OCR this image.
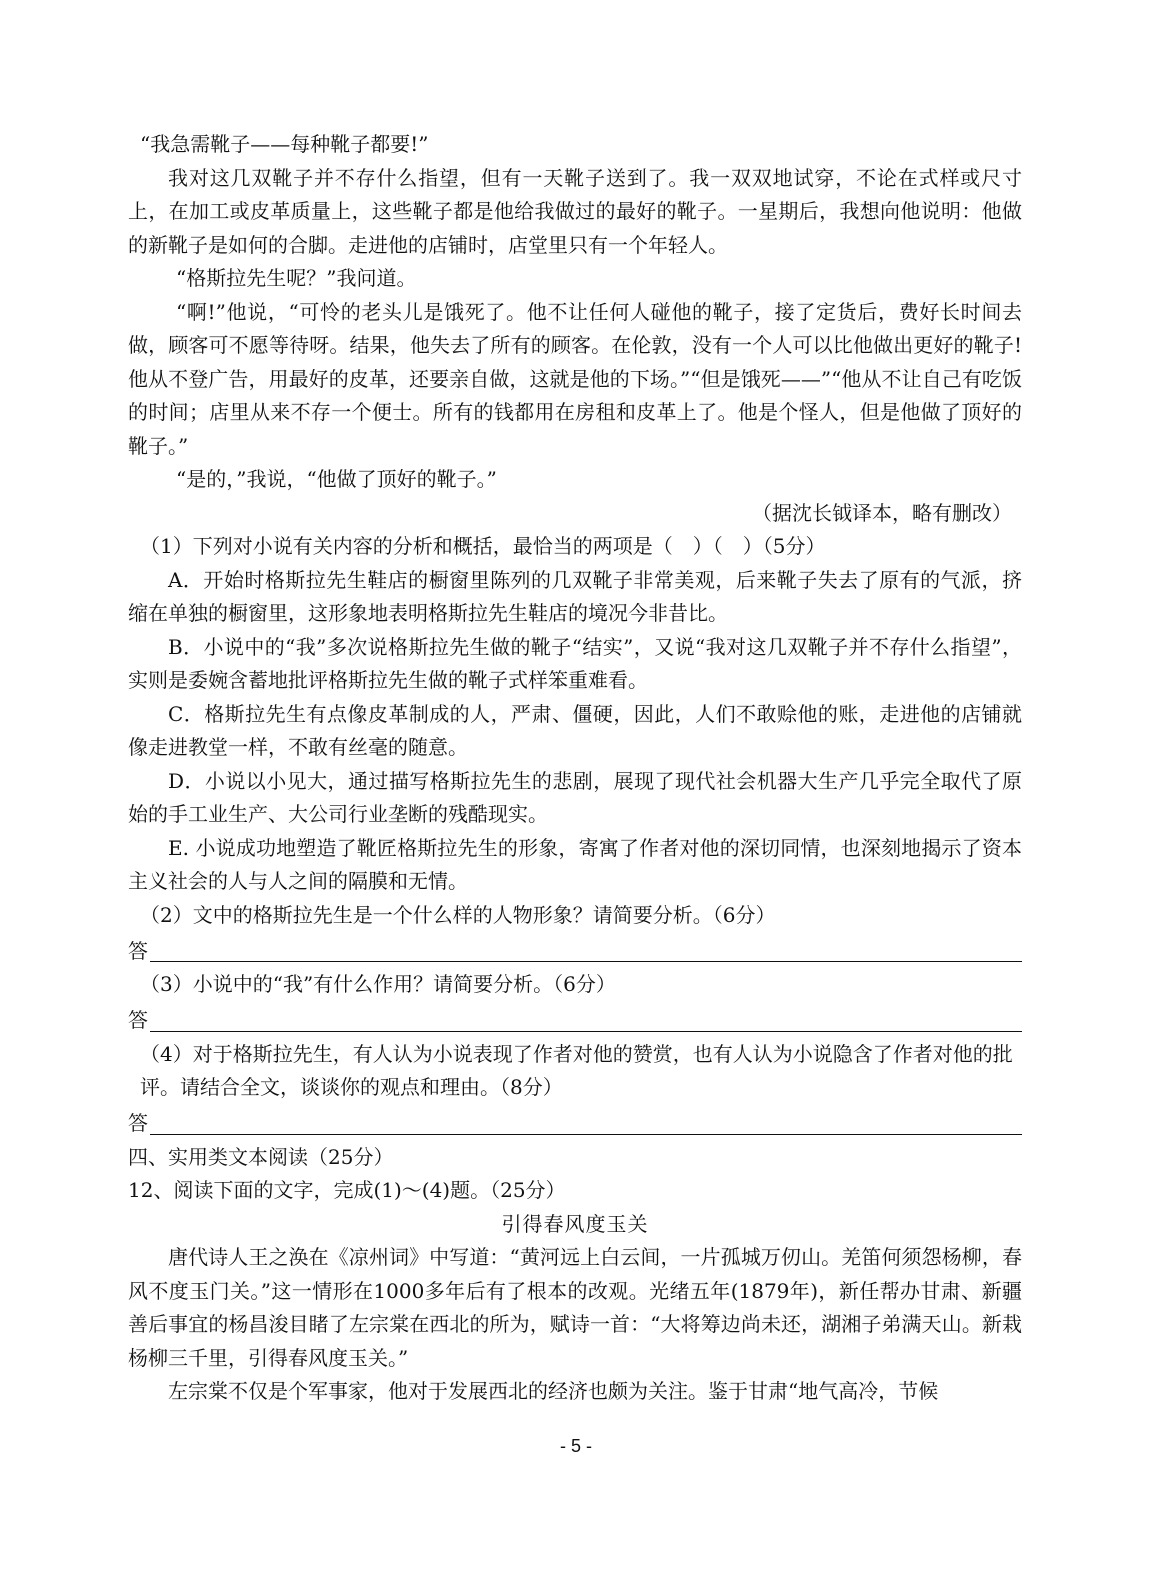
“我急需靴子——每种靴子都要!”

我对这几双靴子并不存什么指望，但有一天靴子送到了。我一双双地试穿，不论在式样或尺寸上，在加工或皮革质量上，这些靴子都是他给我做过的最好的靴子。一星期后，我想向他说明：他做的新靴子是如何的合脚。走进他的店铺时，店堂里只有一个年轻人。

“格斯拉先生呢？”我问道。

“啊!”他说，“可怜的老头儿是饿死了。他不让任何人碰他的靴子，接了定货后，费好长时间去做，顾客可不愿等待呀。结果，他失去了所有的顾客。在伦敦，没有一个人可以比他做出更好的靴子!他从不登广告，用最好的皮革，还要亲自做，这就是他的下场。”“但是饿死——”“他从不让自己有吃饭的时间；店里从来不存一个便士。所有的钱都用在房租和皮革上了。他是个怪人，但是他做了顶好的靴子。”

“是的，”我说，“他做了顶好的靴子。”

（据沈长钺译本，略有删改）

（1）下列对小说有关内容的分析和概括，最恰当的两项是（　）（　）（5分）

A．开始时格斯拉先生鞋店的橱窗里陈列的几双靴子非常美观，后来靴子失去了原有的气派，挤缩在单独的橱窗里，这形象地表明格斯拉先生鞋店的境况今非昔比。

B．小说中的“我”多次说格斯拉先生做的靴子“结实”，又说“我对这几双靴子并不存什么指望”，实则是委婉含蓄地批评格斯拉先生做的靴子式样笨重难看。

C．格斯拉先生有点像皮革制成的人，严肃、僵硬，因此，人们不敢赊他的账，走进他的店铺就像走进教堂一样，不敢有丝毫的随意。

D．小说以小见大，通过描写格斯拉先生的悲剧，展现了现代社会机器大生产几乎完全取代了原始的手工业生产、大公司行业垄断的残酷现实。

E. 小说成功地塑造了靴匠格斯拉先生的形象，寄寓了作者对他的深切同情，也深刻地揭示了资本主义社会的人与人之间的隔膜和无情。

（2）文中的格斯拉先生是一个什么样的人物形象？请简要分析。（6分）

答

（3）小说中的“我”有什么作用？请简要分析。（6分）

答

（4）对于格斯拉先生，有人认为小说表现了作者对他的赞赏，也有人认为小说隐含了作者对他的批评。请结合全文，谈谈你的观点和理由。（8分）

答

四、实用类文本阅读（25分）

12、阅读下面的文字，完成(1)～(4)题。（25分）

引得春风度玉关

唐代诗人王之涣在《凉州词》中写道：“黄河远上白云间，一片孤城万仞山。羌笛何须怨杨柳，春风不度玉门关。”这一情形在1000多年后有了根本的改观。光绪五年(1879年)，新任帮办甘肃、新疆善后事宜的杨昌浚目睹了左宗棠在西北的所为，赋诗一首：“大将筹边尚未还，湖湘子弟满天山。新栽杨柳三千里，引得春风度玉关。”

左宗棠不仅是个军事家，他对于发展西北的经济也颇为关注。鉴于甘肃“地气高冷，节候

- 5 -
